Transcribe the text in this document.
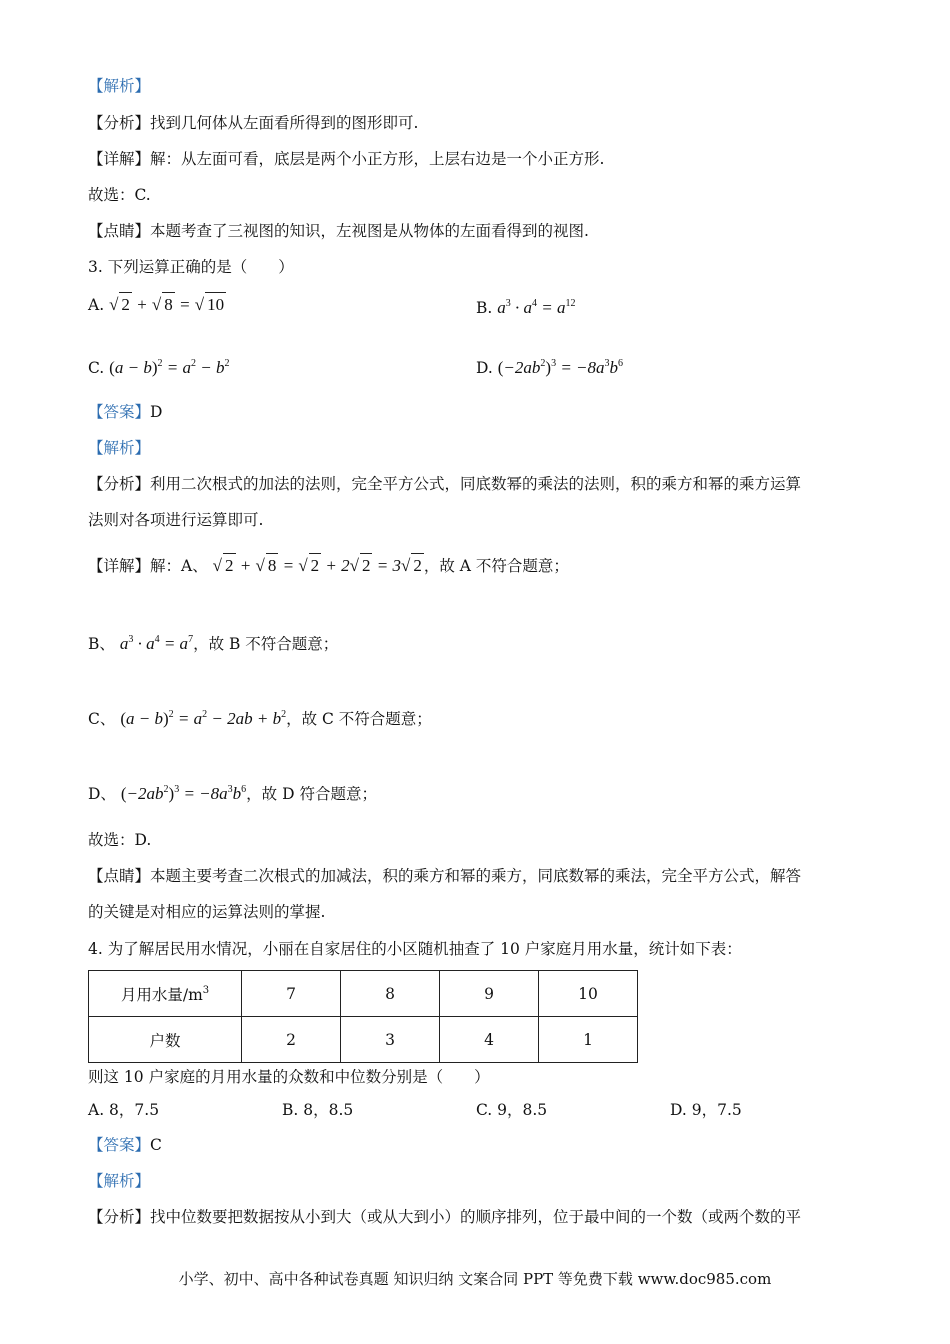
【解析】
【分析】找到几何体从左面看所得到的图形即可.
【详解】解：从左面可看，底层是两个小正方形，上层右边是一个小正方形.
故选：C.
【点睛】本题考查了三视图的知识，左视图是从物体的左面看得到的视图.
3. 下列运算正确的是（　　）
A. √ 2 + √ 8 = √ 10	B. $a^3 \cdot a^4 = a^{12}$
C. $(a - b)^2 = a^2 - b^2$	D. $(-2ab^2)^3 = -8a^3b^6$
【答案】D
【解析】
【分析】利用二次根式的加法的法则，完全平方公式，同底数幂的乘法的法则，积的乘方和幂的乘方运算
法则对各项进行运算即可.
【详解】解：A、 √ 2 + √ 8 = √ 2 + 2√ 2 = 3√ 2 ，故 A 不符合题意；
B、 $a^3 \cdot a^4 = a^7$，故 B 不符合题意；
C、 $(a - b)^2 = a^2 - 2ab + b^2$，故 C 不符合题意；
D、 $(-2ab^2)^3 = -8a^3b^6$，故 D 符合题意；
故选：D.
【点睛】本题主要考查二次根式的加减法，积的乘方和幂的乘方，同底数幂的乘法，完全平方公式，解答
的关键是对相应的运算法则的掌握.
4. 为了解居民用水情况，小丽在自家居住的小区随机抽查了 10 户家庭月用水量，统计如下表：
月用水量$/m^3$	7	8	9	10
户数	2	3	4	1
则这 10 户家庭的月用水量的众数和中位数分别是（　　）
A. 8，7.5	B. 8，8.5	C. 9，8.5	D. 9，7.5
【答案】C
【解析】
【分析】找中位数要把数据按从小到大（或从大到小）的顺序排列，位于最中间的一个数（或两个数的平
小学、初中、高中各种试卷真题 知识归纳 文案合同 PPT 等免费下载 www.doc985.com
